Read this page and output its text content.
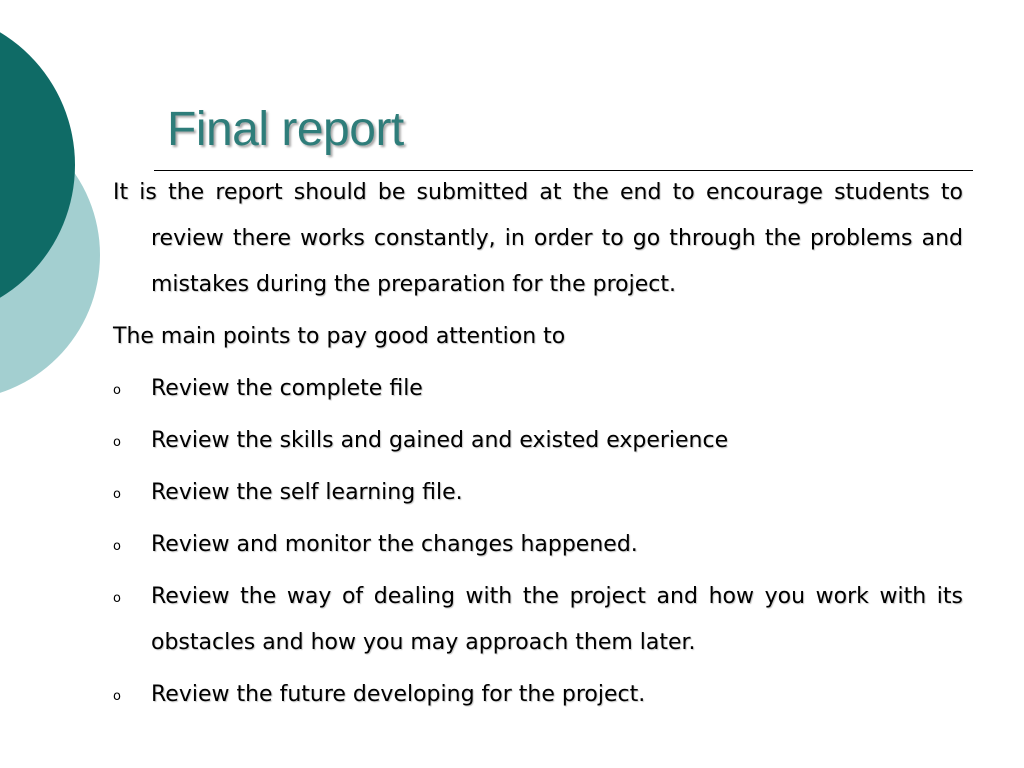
Final report

It is the report should be submitted at the end to encourage students to review there works constantly, in order to go through the problems and mistakes during the preparation for the project.

The main points to pay good attention to

o Review the complete file
o Review the skills and gained and existed experience
o Review the self learning file.
o Review and monitor the changes happened.
o Review the way of dealing with the project and how you work with its obstacles and how you may approach them later.
o Review the future developing for the project.
